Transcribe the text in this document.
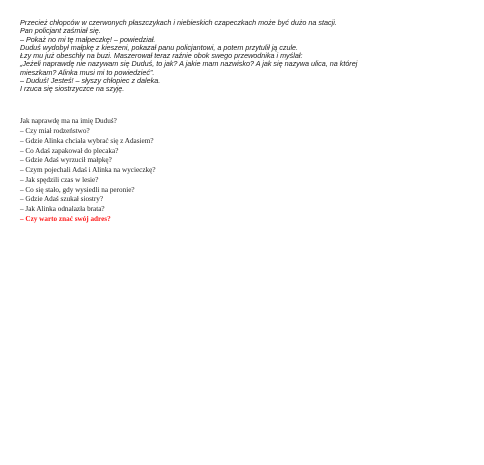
Przecież chłopców w czerwonych płaszczykach i niebieskich czapeczkach może być dużo na stacji.
Pan policjant zaśmiał się.
– Pokaż no mi tę małpeczkę! – powiedział.
Duduś wydobył małpkę z kieszeni, pokazał panu policjantowi, a potem przytulił ją czule.
Łzy mu już obeschły na buzi. Maszerował teraz raźnie obok swego przewodnika i myślał:
„Jeżeli naprawdę nie nazywam się Duduś, to jak? A jakie mam nazwisko? A jak się nazywa ulica, na której
mieszkam? Alinka musi mi to powiedzieć”.
– Duduś! Jesteś! – słyszy chłopiec z daleka.
I rzuca się siostrzyczce na szyję.
Jak naprawdę ma na imię Duduś?
– Czy miał rodzeństwo?
– Gdzie Alinka chciała wybrać się z Adasiem?
– Co Adaś zapakował do plecaka?
– Gdzie Adaś wyrzucił małpkę?
– Czym pojechali Adaś i Alinka na wycieczkę?
– Jak spędzili czas w lesie?
– Co się stało, gdy wysiedli na peronie?
– Gdzie Adaś szukał siostry?
– Jak Alinka odnalazła brata?
– Czy warto znać swój adres?
